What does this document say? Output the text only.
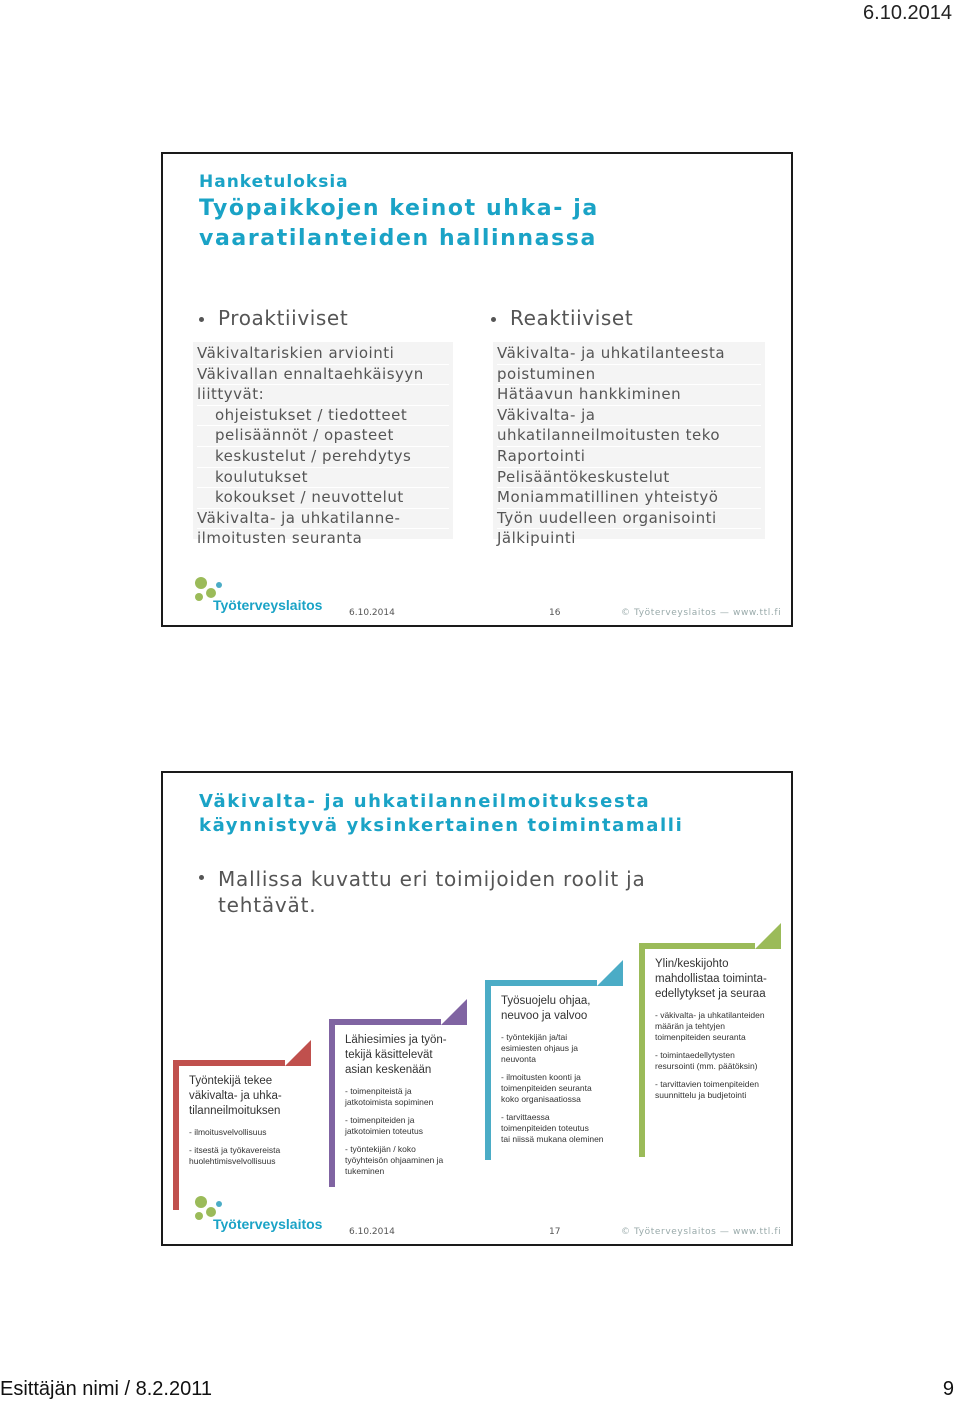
6.10.2014
Hanketuloksia
Työpaikkojen keinot uhka- ja
vaaratilanteiden hallinnassa
Proaktiiviset
Väkivaltariskien arviointi
Väkivallan ennaltaehkäisyyn
liittyvät:
ohjeistukset / tiedotteet
pelisäännöt / opasteet
keskustelut / perehdytys
koulutukset
kokoukset / neuvottelut
Väkivalta- ja uhkatilanne-
ilmoitusten seuranta
Reaktiiviset
Väkivalta- ja uhkatilanteesta
poistuminen
Hätäavun hankkiminen
Väkivalta- ja
uhkatilanneilmoitusten teko
Raportointi
Pelisääntökeskustelut
Moniammatillinen yhteistyö
Työn uudelleen organisointi
Jälkipuinti
Työterveyslaitos	6.10.2014	16	© Työterveyslaitos — www.ttl.fi
Väkivalta- ja uhkatilanneilmoituksesta
käynnistyvä yksinkertainen toimintamalli
Mallissa kuvattu eri toimijoiden roolit ja
tehtävät.
Työntekijä tekee
väkivalta- ja uhka-
tilanneilmoituksen
- ilmoitusvelvollisuus
- itsestä ja työkavereista
huolehtimisvelvollisuus
Lähiesimies ja työn-
tekijä käsittelevät
asian keskenään
- toimenpiteistä ja
jatkotoimista sopiminen
- toimenpiteiden ja
jatkotoimien toteutus
- työntekijän / koko
työyhteisön ohjaaminen ja
tukeminen
Työsuojelu ohjaa,
neuvoo ja valvoo
- työntekijän ja/tai
esimiesten ohjaus ja
neuvonta
- ilmoitusten koonti ja
toimenpiteiden seuranta
koko organisaatiossa
- tarvittaessa
toimenpiteiden toteutus
tai niissä mukana oleminen
Ylin/keskijohto
mahdollistaa toiminta-
edellytykset ja seuraa
- väkivalta- ja uhkatilanteiden
määrän ja tehtyjen
toimenpiteiden seuranta
- toimintaedellytysten
resursointi (mm. päätöksin)
- tarvittavien toimenpiteiden
suunnittelu ja budjetointi
Työterveyslaitos	6.10.2014	17	© Työterveyslaitos — www.ttl.fi
Esittäjän nimi / 8.2.2011	9
